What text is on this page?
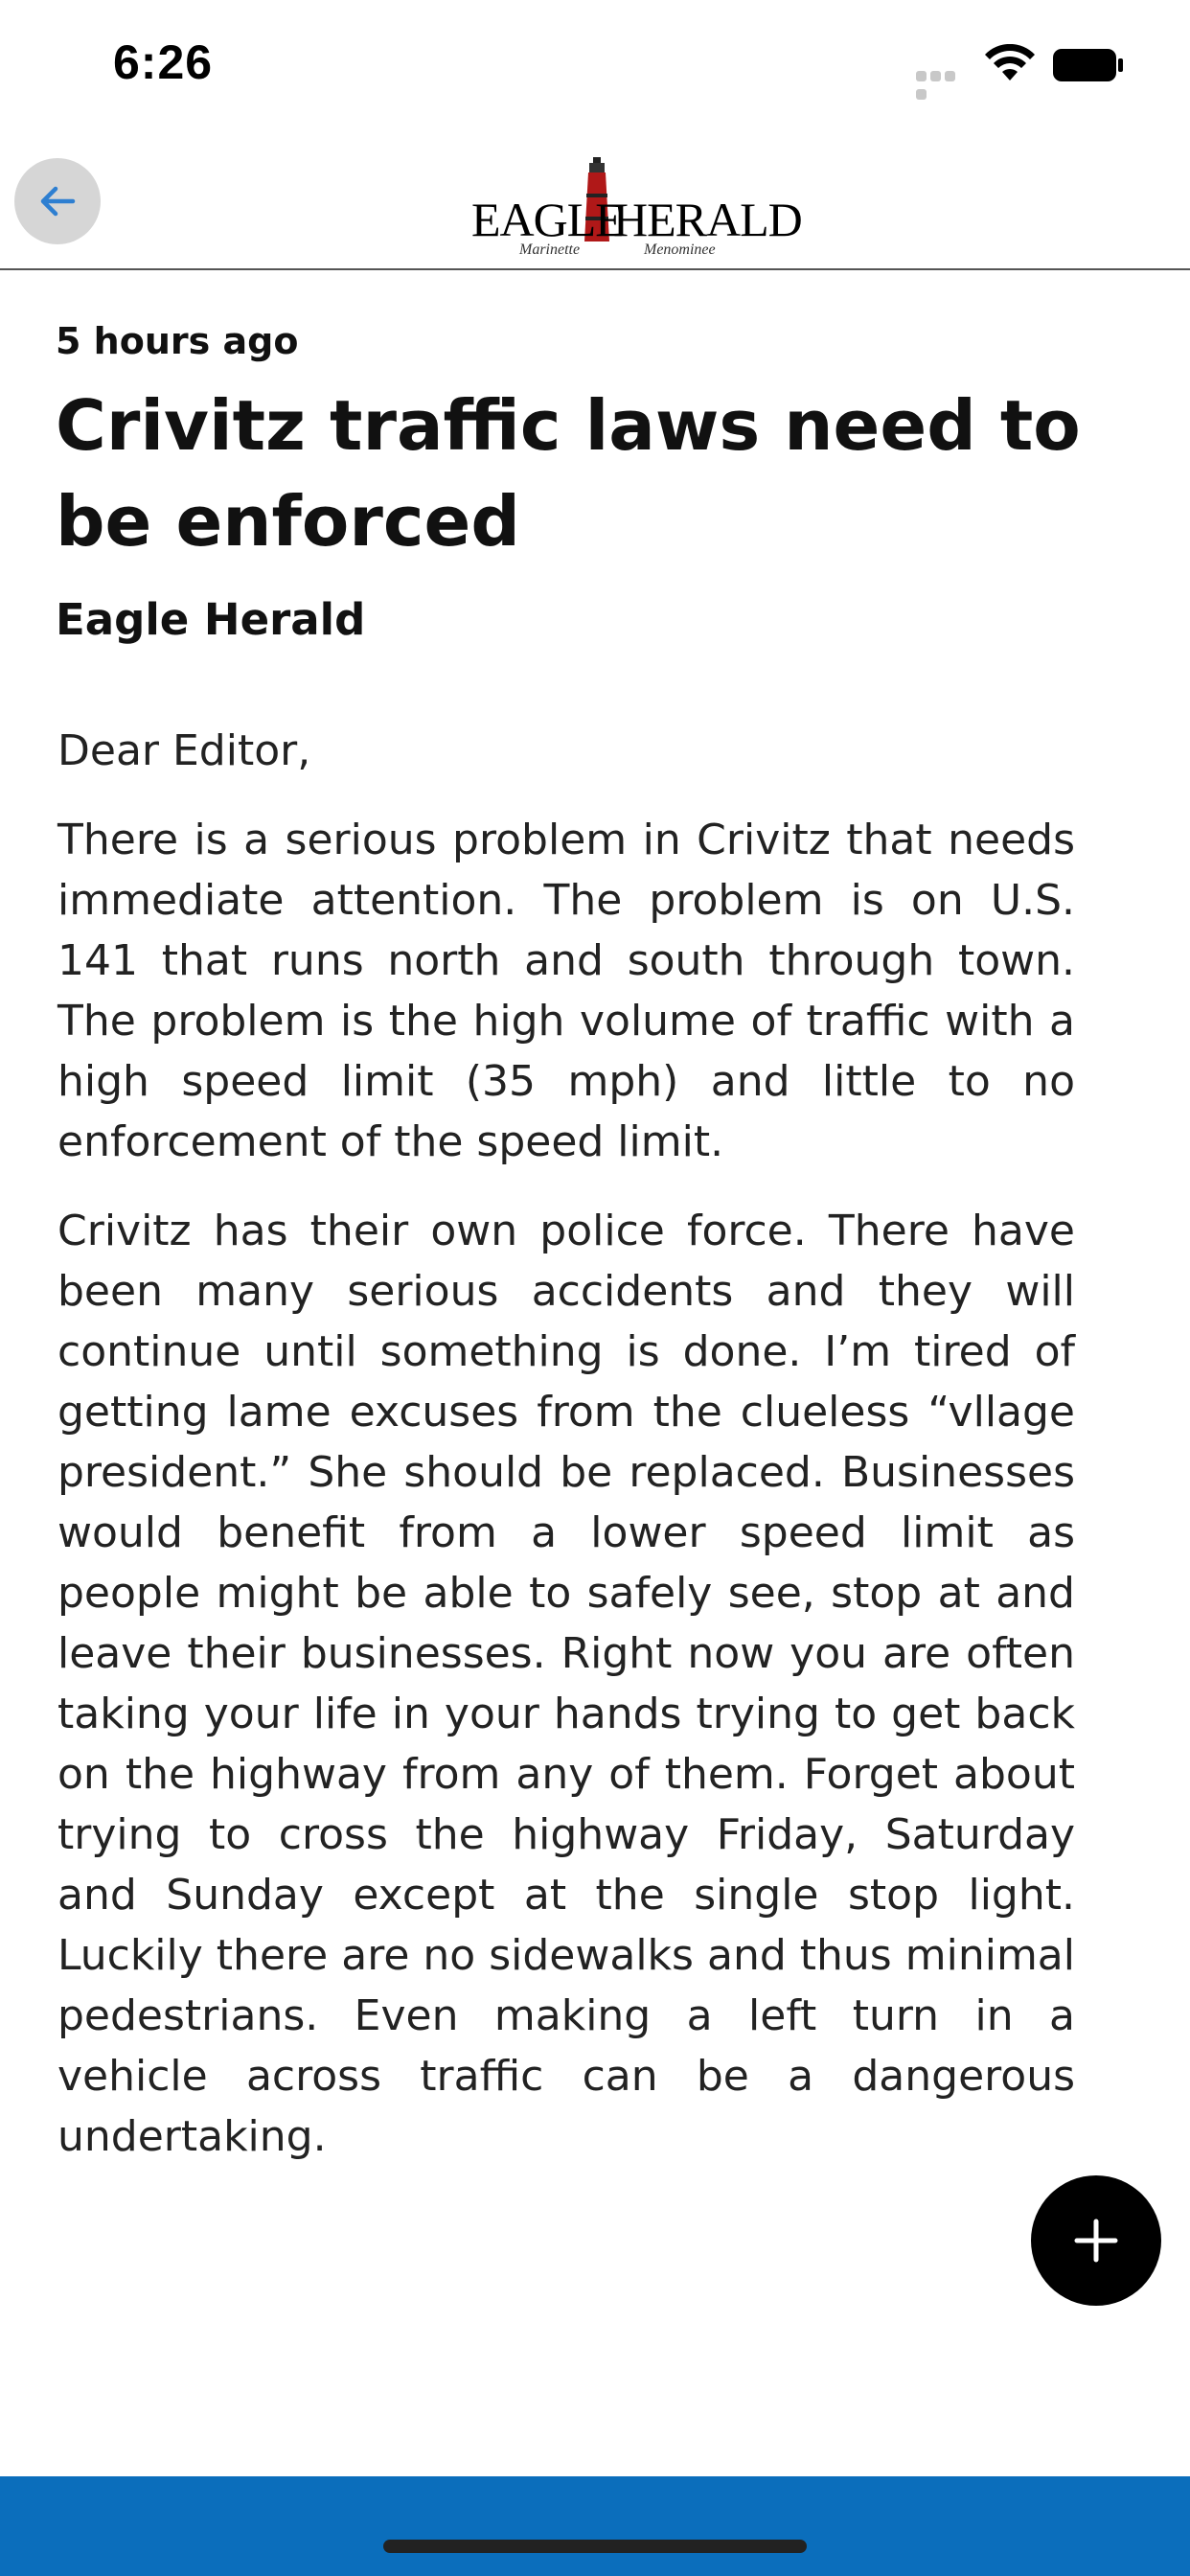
6:26
EAGLE
HERALD
Marinette	Menominee
5 hours ago
Crivitz traffic laws need to be enforced
Eagle Herald

Dear Editor,

There is a serious problem in Crivitz that needs immediate attention. The problem is on U.S. 141 that runs north and south through town. The problem is the high volume of traffic with a high speed limit (35 mph) and little to no enforcement of the speed limit.

Crivitz has their own police force. There have been many serious accidents and they will continue until something is done. I’m tired of getting lame excuses from the clueless “vllage president.” She should be replaced. Businesses would benefit from a lower speed limit as people might be able to safely see, stop at and leave their businesses. Right now you are often taking your life in your hands trying to get back on the highway from any of them. Forget about trying to cross the highway Friday, Saturday and Sunday except at the single stop light. Luckily there are no sidewalks and thus minimal pedestrians. Even making a left turn in a vehicle across traffic can be a dangerous undertaking.
